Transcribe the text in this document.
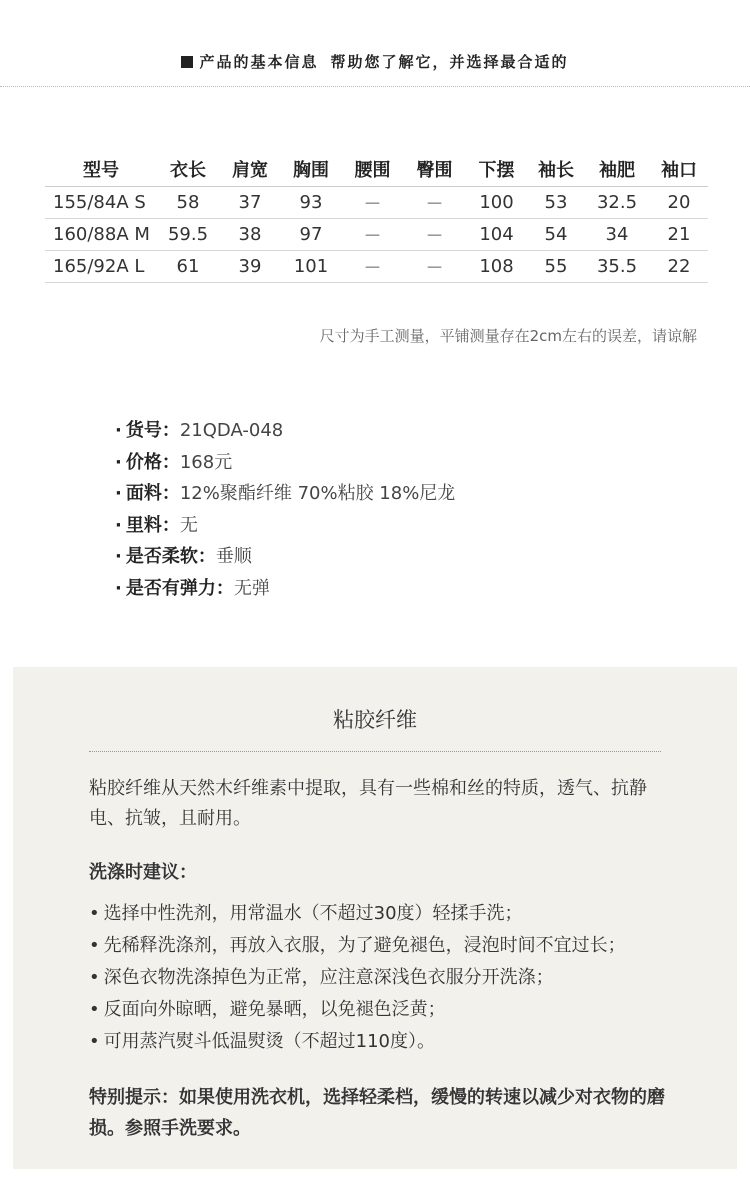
产品的基本信息 帮助您了解它，并选择最合适的
型号	衣长	肩宽	胸围	腰围	臀围	下摆	袖长	袖肥	袖口
155/84A S	58	37	93	－	－	100	53	32.5	20
160/88A M	59.5	38	97	－	－	104	54	34	21
165/92A L	61	39	101	－	－	108	55	35.5	22
尺寸为手工测量，平铺测量存在2cm左右的误差，请谅解
· 货号：21QDA-048
· 价格：168元
· 面料：12%聚酯纤维 70%粘胶 18%尼龙
· 里料：无
· 是否柔软：垂顺
· 是否有弹力：无弹
粘胶纤维
粘胶纤维从天然木纤维素中提取，具有一些棉和丝的特质，透气、抗静电、抗皱，且耐用。
洗涤时建议：
• 选择中性洗剂，用常温水（不超过30度）轻揉手洗；
• 先稀释洗涤剂，再放入衣服，为了避免褪色，浸泡时间不宜过长；
• 深色衣物洗涤掉色为正常，应注意深浅色衣服分开洗涤；
• 反面向外晾晒，避免暴晒，以免褪色泛黄；
• 可用蒸汽熨斗低温熨烫（不超过110度）。
特别提示：如果使用洗衣机，选择轻柔档，缓慢的转速以减少对衣物的磨损。参照手洗要求。
